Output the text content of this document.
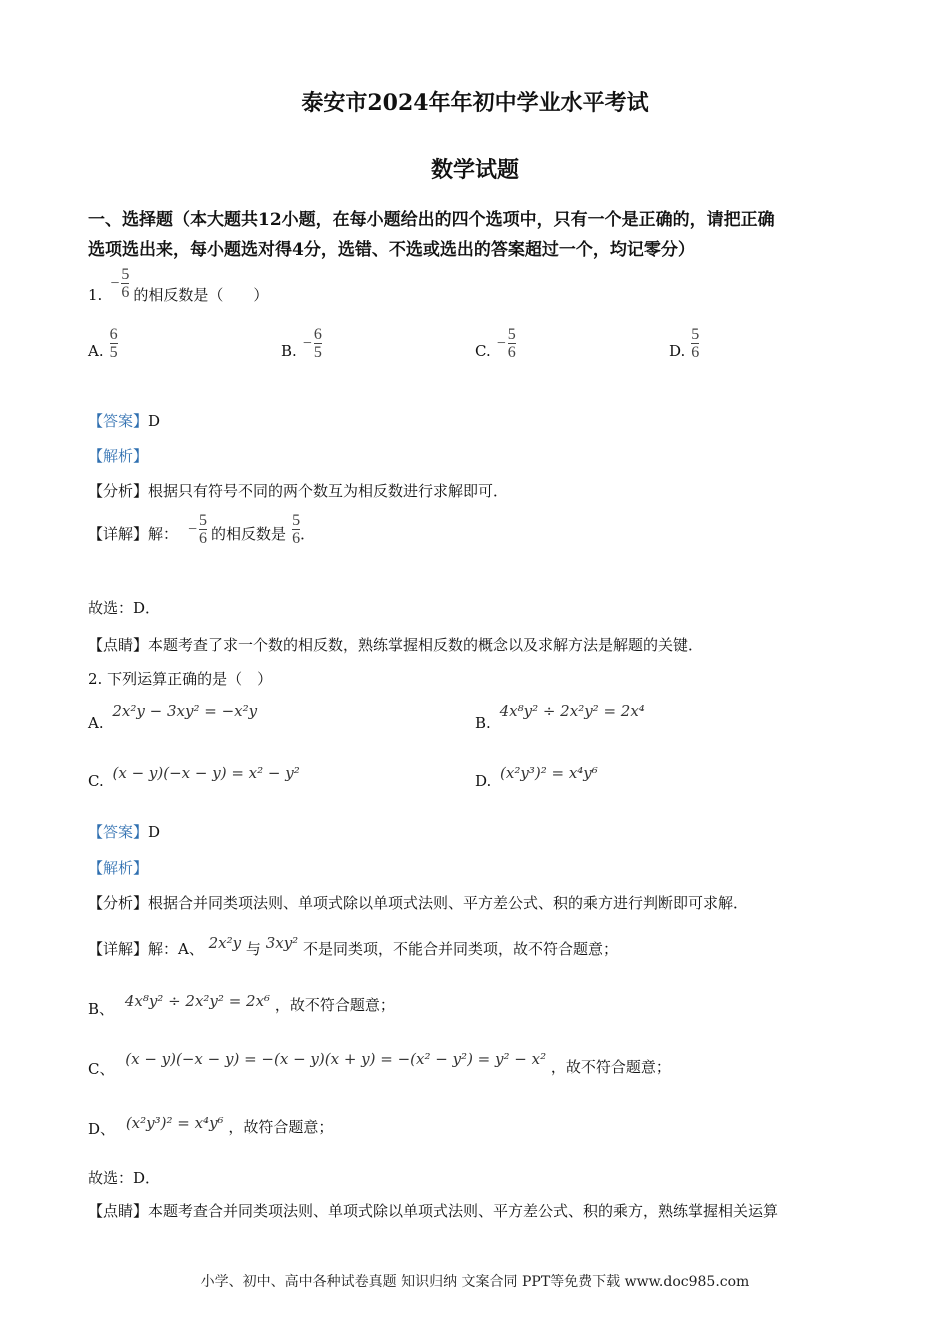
泰安市2024年年初中学业水平考试
数学试题
一、选择题（本大题共12小题，在每小题给出的四个选项中，只有一个是正确的，请把正确
选项选出来，每小题选对得4分，选错、不选或选出的答案超过一个，均记零分）
1.
− $\frac{5}{6}$ 的相反数是（　　）
A. $\frac{6}{5}$	B. − $\frac{6}{5}$	C. − $\frac{5}{6}$	D. $\frac{5}{6}$
【答案】D
【解析】
【分析】根据只有符号不同的两个数互为相反数进行求解即可．
【详解】解： − $\frac{5}{6}$ 的相反数是 $\frac{5}{6}$ ．
故选：D．
【点睛】本题考查了求一个数的相反数，熟练掌握相反数的概念以及求解方法是解题的关键．
2. 下列运算正确的是（　）
A. 2x²y − 3xy² = −x²y
B. 4x⁸y² ÷ 2x²y² = 2x⁴
C. (x − y)(−x − y) = x² − y²	D. (x²y³)² = x⁴y⁶
【答案】D
【解析】
【分析】根据合并同类项法则、单项式除以单项式法则、平方差公式、积的乘方进行判断即可求解．
【详解】解：A、 2x²y 与 3xy² 不是同类项，不能合并同类项，故不符合题意；
B、 4x⁸y² ÷ 2x²y² = 2x⁶ ，故不符合题意；
C、 (x − y)(−x − y) = −(x − y)(x + y) = −(x² − y²) = y² − x² ，故不符合题意；
D、 (x²y³)² = x⁴y⁶ ，故符合题意；
故选：D．
【点睛】本题考查合并同类项法则、单项式除以单项式法则、平方差公式、积的乘方，熟练掌握相关运算
小学、初中、高中各种试卷真题 知识归纳 文案合同 PPT等免费下载 www.doc985.com
